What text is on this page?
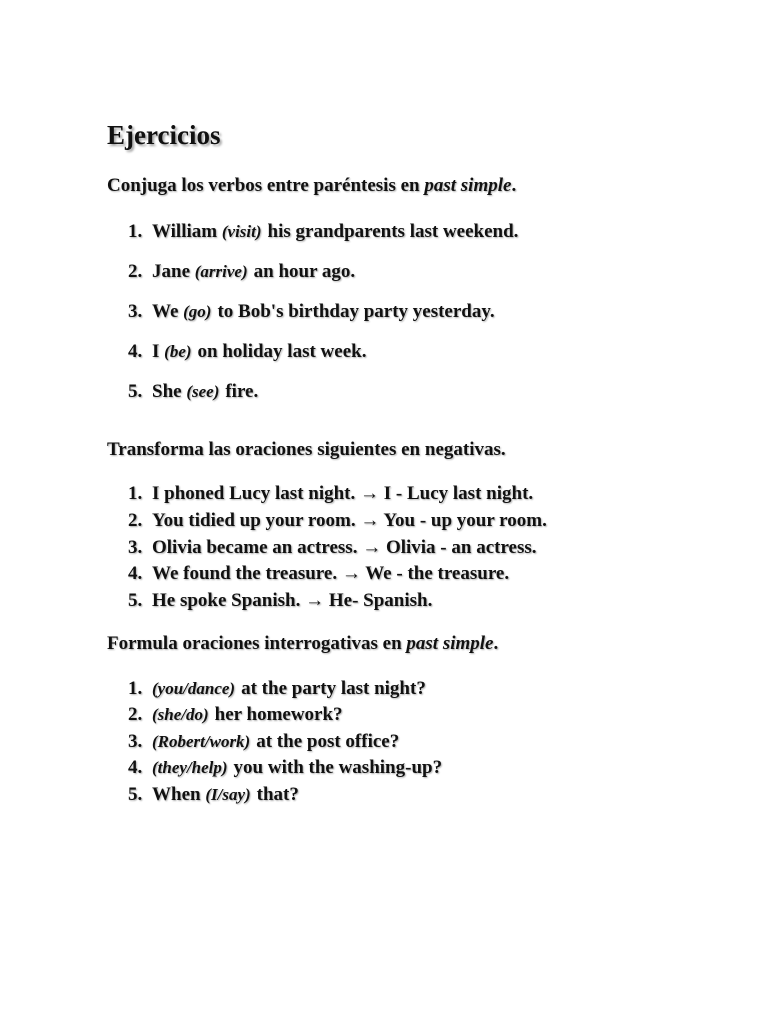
Ejercicios
Conjuga los verbos entre paréntesis en past simple.
1. William (visit) his grandparents last weekend.
2. Jane (arrive) an hour ago.
3. We (go) to Bob's birthday party yesterday.
4. I (be) on holiday last week.
5. She (see) fire.
Transforma las oraciones siguientes en negativas.
1. I phoned Lucy last night. → I - Lucy last night.
2. You tidied up your room. → You - up your room.
3. Olivia became an actress. → Olivia - an actress.
4. We found the treasure. → We - the treasure.
5. He spoke Spanish. → He- Spanish.
Formula oraciones interrogativas en past simple.
1. (you/dance) at the party last night?
2. (she/do) her homework?
3. (Robert/work) at the post office?
4. (they/help) you with the washing-up?
5. When (I/say) that?
